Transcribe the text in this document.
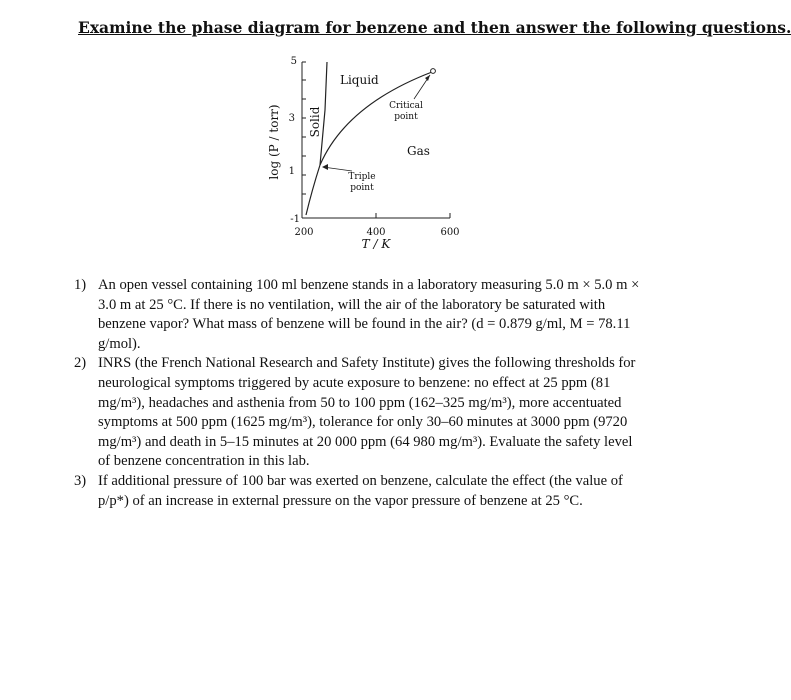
Examine the phase diagram for benzene and then answer the following questions.
log (P / torr)
5
3
1
-1
200	400	600
T / K
Liquid
Solid
Gas
Critical
point
Triple
point
1) An open vessel containing 100 ml benzene stands in a laboratory measuring 5.0 m × 5.0 m × 3.0 m at 25 °C. If there is no ventilation, will the air of the laboratory be saturated with benzene vapor? What mass of benzene will be found in the air? (d = 0.879 g/ml, M = 78.11 g/mol).
2) INRS (the French National Research and Safety Institute) gives the following thresholds for neurological symptoms triggered by acute exposure to benzene: no effect at 25 ppm (81 mg/m³), headaches and asthenia from 50 to 100 ppm (162–325 mg/m³), more accentuated symptoms at 500 ppm (1625 mg/m³), tolerance for only 30–60 minutes at 3000 ppm (9720 mg/m³) and death in 5–15 minutes at 20 000 ppm (64 980 mg/m³). Evaluate the safety level of benzene concentration in this lab.
3) If additional pressure of 100 bar was exerted on benzene, calculate the effect (the value of p/p*) of an increase in external pressure on the vapor pressure of benzene at 25 °C.
